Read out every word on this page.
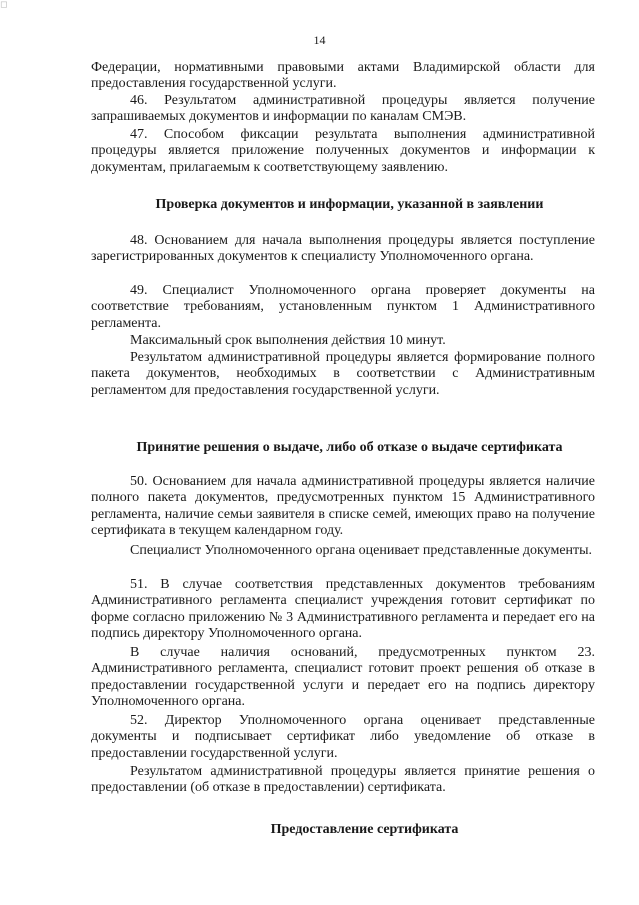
◻
14

Федерации, нормативными правовыми актами Владимирской области для предоставления государственной услуги.

46. Результатом административной процедуры является получение запрашиваемых документов и информации по каналам СМЭВ.

47. Способом фиксации результата выполнения административной процедуры является приложение полученных документов и информации к документам, прилагаемым к соответствующему заявлению.

Проверка документов и информации, указанной в заявлении

48. Основанием для начала выполнения процедуры является поступление зарегистрированных документов к специалисту Уполномоченного органа.

49. Специалист Уполномоченного органа проверяет документы на соответствие требованиям, установленным пунктом 1 Административного регламента.

Максимальный срок выполнения действия 10 минут.

Результатом административной процедуры является формирование полного пакета документов, необходимых в соответствии с Административным регламентом для предоставления государственной услуги.

Принятие решения о выдаче, либо об отказе о выдаче сертификата

50. Основанием для начала административной процедуры является наличие полного пакета документов, предусмотренных пунктом 15 Административного регламента, наличие семьи заявителя в списке семей, имеющих право на получение сертификата в текущем календарном году.

Специалист Уполномоченного органа оценивает представленные документы.

51. В случае соответствия представленных документов требованиям Административного регламента специалист учреждения готовит сертификат по форме согласно приложению № 3 Административного регламента и передает его на подпись директору Уполномоченного органа.

В случае наличия оснований, предусмотренных пунктом 23. Административного регламента, специалист готовит проект решения об отказе в предоставлении государственной услуги и передает его на подпись директору Уполномоченного органа.

52. Директор Уполномоченного органа оценивает представленные документы и подписывает сертификат либо уведомление об отказе в предоставлении государственной услуги.

Результатом административной процедуры является принятие решения о предоставлении (об отказе в предоставлении) сертификата.

Предоставление сертификата
